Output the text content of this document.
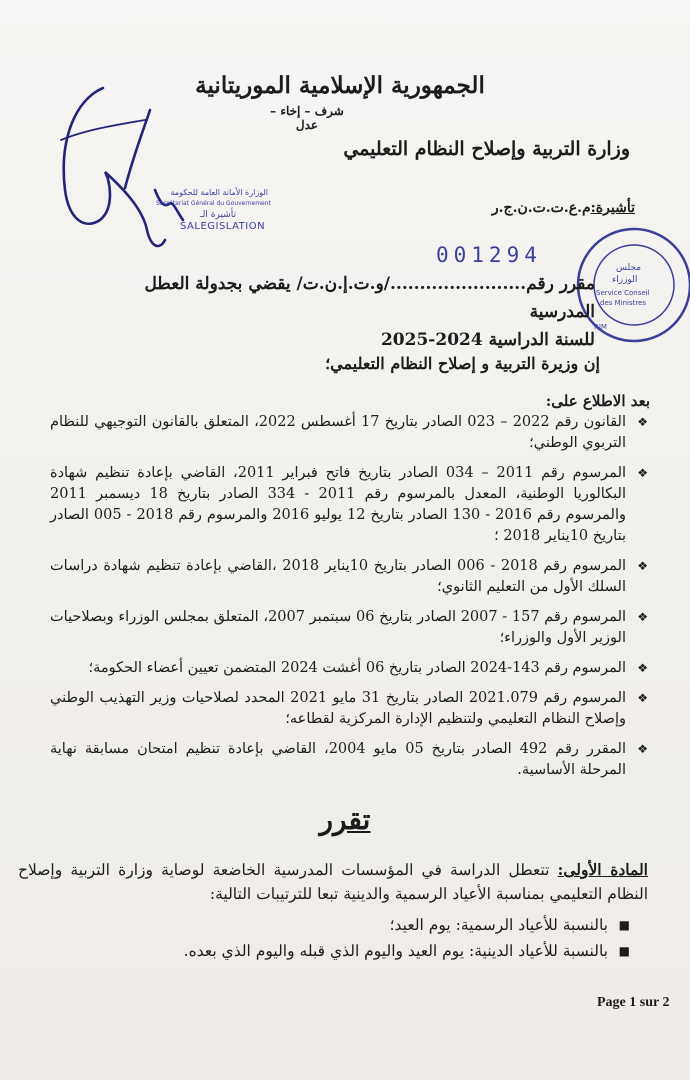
الوزارة الأمانة العامة للحكومة
Secrétariat Général du Gouvernement
تأشيرة الـ
SALEGISLATION
الجمهورية الإسلامية الموريتانية
شرف – إخاء – عدل
وزارة التربية وإصلاح النظام التعليمي
تأشيرة:م.ع.ت.ت.ن.ج.ر
001294
مجلس
الوزراء
Service Conseil
des Ministres
RIM
مقرر رقم......................./و.ت.إ.ن.ت/ يقضي بجدولة العطل المدرسية
للسنة الدراسية 2024-2025
إن وزيرة التربية و إصلاح النظام التعليمي؛
بعد الاطلاع على:
❖
القانون رقم 2022 – 023 الصادر بتاريخ 17 أغسطس 2022، المتعلق بالقانون التوجيهي للنظام التربوي الوطني؛
❖
المرسوم رقم 2011 – 034 الصادر بتاريخ فاتح فبراير 2011، القاضي بإعادة تنظيم شهادة البكالوريا الوطنية، المعدل بالمرسوم رقم 2011 - 334 الصادر بتاريخ 18 ديسمبر 2011 والمرسوم رقم 2016 - 130 الصادر بتاريخ 12 يوليو 2016 والمرسوم رقم 2018 - 005 الصادر بتاريخ 10يناير 2018 ؛
❖
المرسوم رقم 2018 - 006 الصادر بتاريخ 10يناير 2018 ،القاضي بإعادة تنظيم شهادة دراسات السلك الأول من التعليم الثانوي؛
❖
المرسوم رقم 157 - 2007 الصادر بتاريخ 06 سبتمبر 2007، المتعلق بمجلس الوزراء وبصلاحيات الوزير الأول والوزراء؛
❖
المرسوم رقم 143-2024 الصادر بتاريخ 06 أغشت 2024 المتضمن تعيين أعضاء الحكومة؛
❖
المرسوم رقم 2021.079 الصادر بتاريخ 31 مايو 2021 المحدد لصلاحيات وزير التهذيب الوطني وإصلاح النظام التعليمي ولتنظيم الإدارة المركزية لقطاعه؛
❖
المقرر رقم 492 الصادر بتاريخ 05 مايو 2004، القاضي بإعادة تنظيم امتحان مسابقة نهاية المرحلة الأساسية.
تقرر
المادة الأولى: تتعطل الدراسة في المؤسسات المدرسية الخاضعة لوصاية وزارة التربية وإصلاح النظام التعليمي بمناسبة الأعياد الرسمية والدينية تبعا للترتيبات التالية:
■
بالنسبة للأعياد الرسمية: يوم العيد؛
■
بالنسبة للأعياد الدينية: يوم العيد واليوم الذي قبله واليوم الذي بعده.
Page 1 sur 2
